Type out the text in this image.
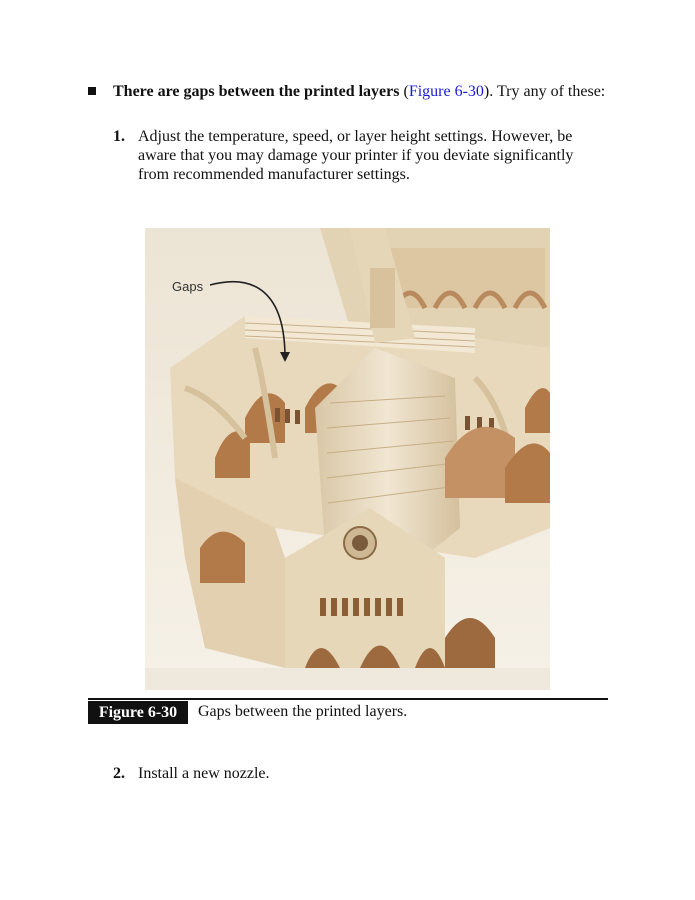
There are gaps between the printed layers (Figure 6-30). Try any of these:
1. Adjust the temperature, speed, or layer height settings. However, be aware that you may damage your printer if you deviate significantly from recommended manufacturer settings.
Gaps
Figure 6-30	Gaps between the printed layers.
2. Install a new nozzle.
